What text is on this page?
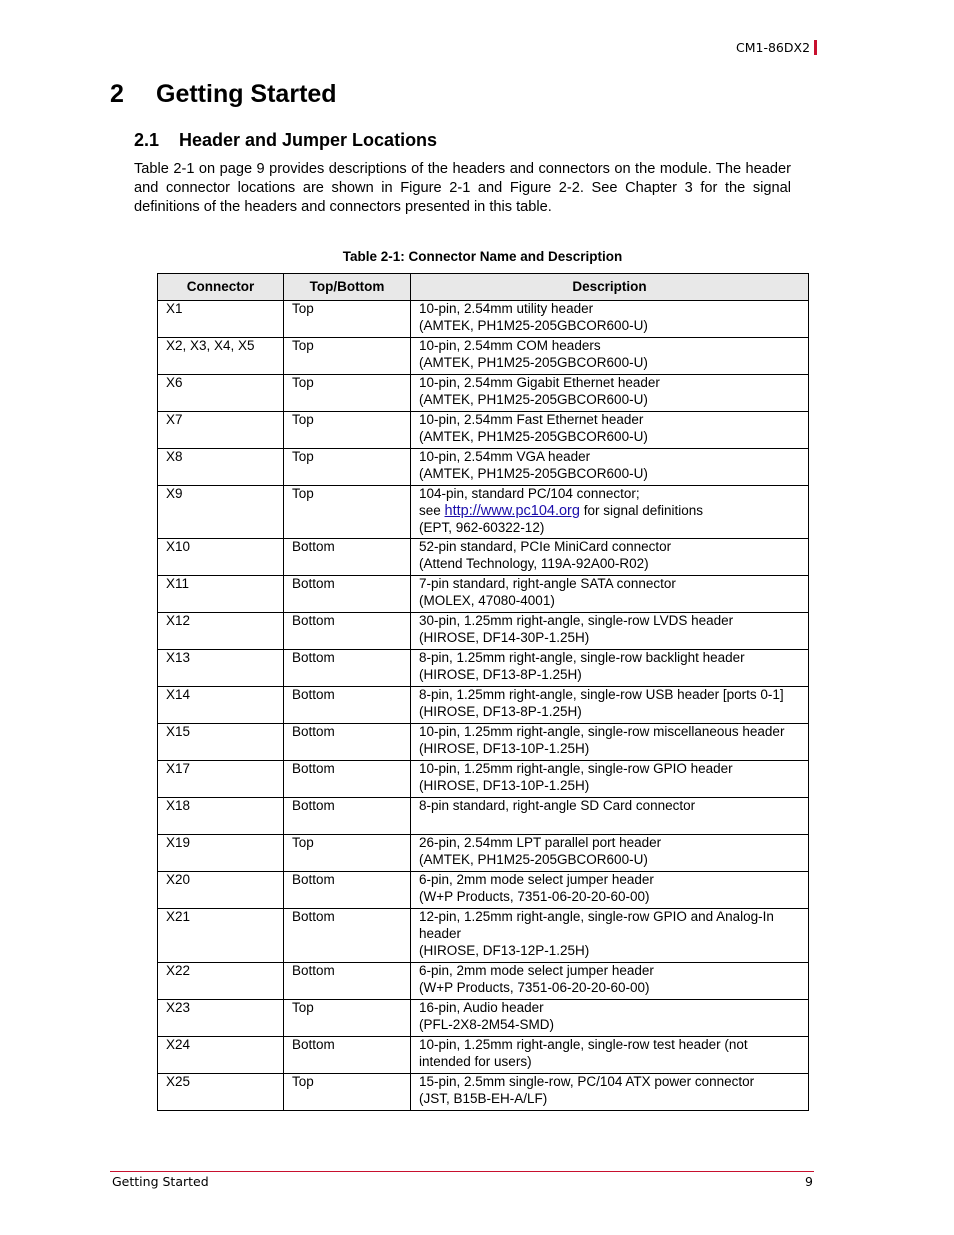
CM1-86DX2
2	Getting Started
2.1	Header and Jumper Locations

Table 2-1 on page 9 provides descriptions of the headers and connectors on the module. The header and connector locations are shown in Figure 2-1 and Figure 2-2. See Chapter 3 for the signal definitions of the headers and connectors presented in this table.

Table 2-1: Connector Name and Description
Connector	Top/Bottom	Description
X1	Top	10-pin, 2.54mm utility header
(AMTEK, PH1M25-205GBCOR600-U)

X2, X3, X4, X5	Top	10-pin, 2.54mm COM headers
(AMTEK, PH1M25-205GBCOR600-U)

X6	Top	10-pin, 2.54mm Gigabit Ethernet header
(AMTEK, PH1M25-205GBCOR600-U)

X7	Top	10-pin, 2.54mm Fast Ethernet header
(AMTEK, PH1M25-205GBCOR600-U)

X8	Top	10-pin, 2.54mm VGA header
(AMTEK, PH1M25-205GBCOR600-U)

X9	Top	104-pin, standard PC/104 connector;
see http://www.pc104.org for signal definitions
(EPT, 962-60322-12)

X10	Bottom	52-pin standard, PCIe MiniCard connector
(Attend Technology, 119A-92A00-R02)

X11	Bottom	7-pin standard, right-angle SATA connector
(MOLEX, 47080-4001)

X12	Bottom	30-pin, 1.25mm right-angle, single-row LVDS header
(HIROSE, DF14-30P-1.25H)

X13	Bottom	8-pin, 1.25mm right-angle, single-row backlight header
(HIROSE, DF13-8P-1.25H)

X14	Bottom	8-pin, 1.25mm right-angle, single-row USB header [ports 0-1]
(HIROSE, DF13-8P-1.25H)

X15	Bottom	10-pin, 1.25mm right-angle, single-row miscellaneous header
(HIROSE, DF13-10P-1.25H)

X17	Bottom	10-pin, 1.25mm right-angle, single-row GPIO header
(HIROSE, DF13-10P-1.25H)

X18	Bottom	8-pin standard, right-angle SD Card connector

X19	Top	26-pin, 2.54mm LPT parallel port header
(AMTEK, PH1M25-205GBCOR600-U)

X20	Bottom	6-pin, 2mm mode select jumper header
(W+P Products, 7351-06-20-20-60-00)

X21	Bottom	12-pin, 1.25mm right-angle, single-row GPIO and Analog-In
header
(HIROSE, DF13-12P-1.25H)

X22	Bottom	6-pin, 2mm mode select jumper header
(W+P Products, 7351-06-20-20-60-00)

X23	Top	16-pin, Audio header
(PFL-2X8-2M54-SMD)

X24	Bottom	10-pin, 1.25mm right-angle, single-row test header (not
intended for users)

X25	Top	15-pin, 2.5mm single-row, PC/104 ATX power connector
(JST, B15B-EH-A/LF)
Getting Started	9
